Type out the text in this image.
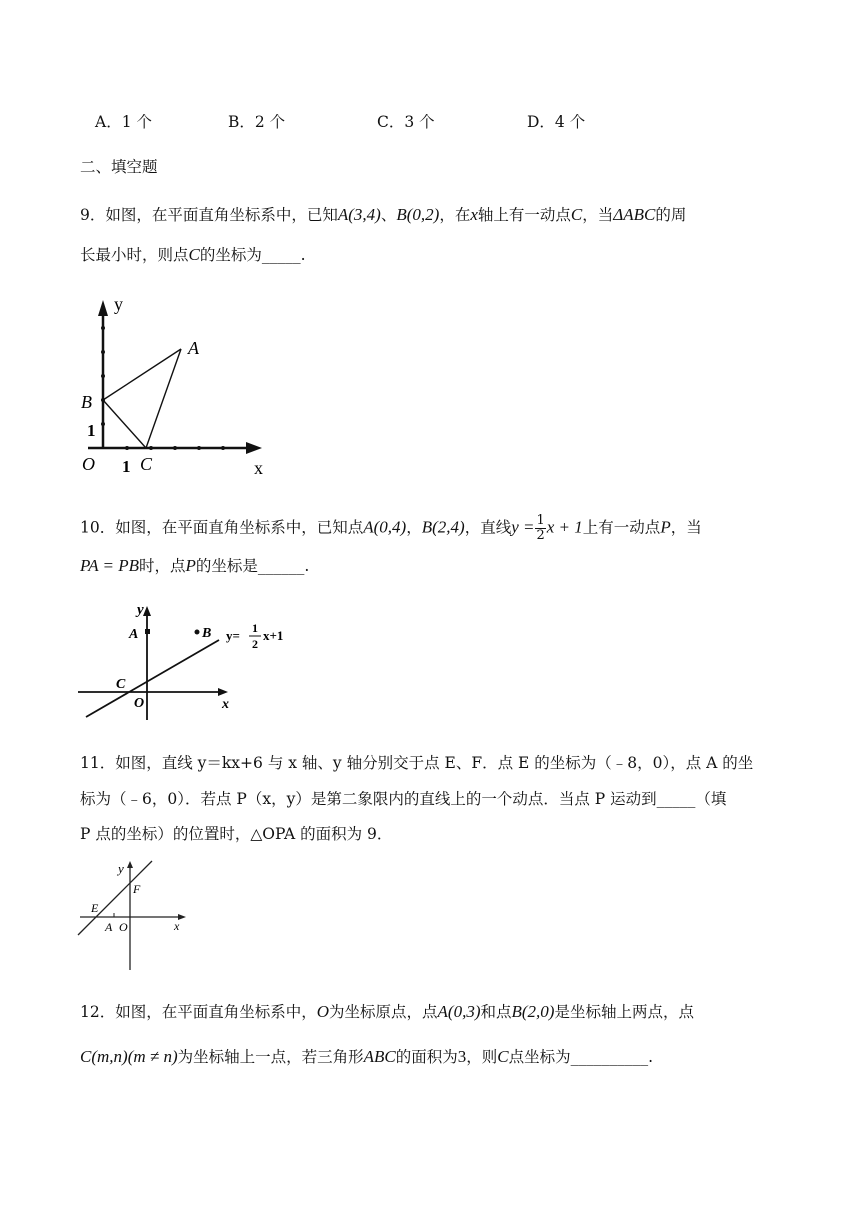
A．1 个	B．2 个	C．3 个	D．4 个
二、填空题
9．如图，在平面直角坐标系中，已知A(3,4)、B(0,2)，在x轴上有一动点C，当ΔABC的周
长最小时，则点C的坐标为_____.
y
A
B
1
O 1 C	x
10．如图，在平面直角坐标系中，已知点A(0,4)，B(2,4)，直线$y = \frac{1}{2}$ x + 1上有一动点P，当
PA = PB时，点P的坐标是______.
y
A	B y= 1
2
x+1
C
O	x
11．如图，直线 y＝kx+6 与 x 轴、y 轴分别交于点 E、F．点 E 的坐标为（﹣8，0），点 A 的坐
标为（﹣6，0）．若点 P（x，y）是第二象限内的直线上的一个动点．当点 P 运动到_____（填
P 点的坐标）的位置时，△OPA 的面积为 9．
y
F
E
A O	x
12．如图，在平面直角坐标系中，O为坐标原点，点A(0,3)和点B(2,0)是坐标轴上两点，点
C(m,n)(m ≠ n)为坐标轴上一点，若三角形ABC的面积为3，则C点坐标为__________.
